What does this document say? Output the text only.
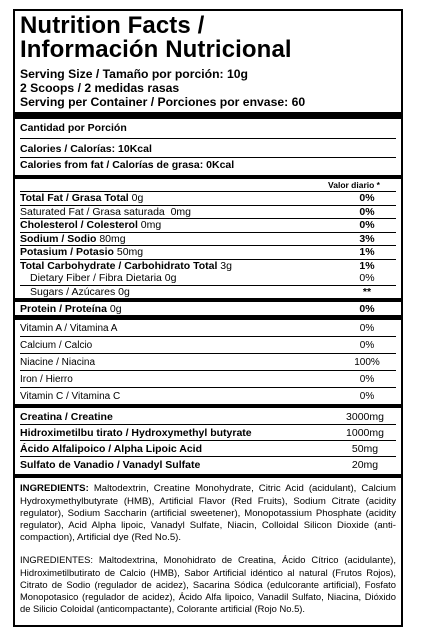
Nutrition Facts /
Información Nutricional
Serving Size / Tamaño por porción: 10g
2 Scoops / 2 medidas rasas
Serving per Container / Porciones por envase: 60
Cantidad por Porción
Calories / Calorías: 10Kcal
Calories from fat / Calorías de grasa: 0Kcal
Valor diario *
Total Fat / Grasa Total 0g	0%
Saturated Fat / Grasa saturada 0mg	0%
Cholesterol / Colesterol 0mg	0%
Sodium / Sodio 80mg	3%
Potasium / Potasio 50mg	1%
Total Carbohydrate / Carbohidrato Total 3g	1%
Dietary Fiber / Fibra Dietaria 0g	0%
Sugars / Azúcares 0g	**
Protein / Proteína 0g	0%
Vitamin A / Vitamina A	0%
Calcium / Calcio	0%
Niacine / Niacina	100%
Iron / Hierro	0%
Vitamin C / Vitamina C	0%
Creatina / Creatine	3000mg
Hidroximetilbu tirato / Hydroxymethyl butyrate	1000mg
Ácido Alfalipoico / Alpha Lipoic Acid	50mg
Sulfato de Vanadio / Vanadyl Sulfate	20mg
INGREDIENTS: Maltodextrin, Creatine Monohydrate, Citric Acid (acidulant), Calcium Hydroxymethylbutyrate (HMB), Artificial Flavor (Red Fruits), Sodium Citrate (acidity regulator), Sodium Saccharin (artificial sweetener), Monopotassium Phosphate (acidity regulator), Acid Alpha lipoic, Vanadyl Sulfate, Niacin, Colloidal Silicon Dioxide (anti- compaction), Artificial dye (Red No.5).
INGREDIENTES: Maltodextrina, Monohidrato de Creatina, Ácido Cítrico (acidulante), Hidroximetilbutirato de Calcio (HMB), Sabor Artificial idéntico al natural (Frutos Rojos), Citrato de Sodio (regulador de acidez), Sacarina Sódica (edulcorante artificial), Fosfato Monopotasico (regulador de acidez), Ácido Alfa lipoico, Vanadil Sulfato, Niacina, Dióxido de Silicio Coloidal (anticompactante), Colorante artificial (Rojo No.5).
